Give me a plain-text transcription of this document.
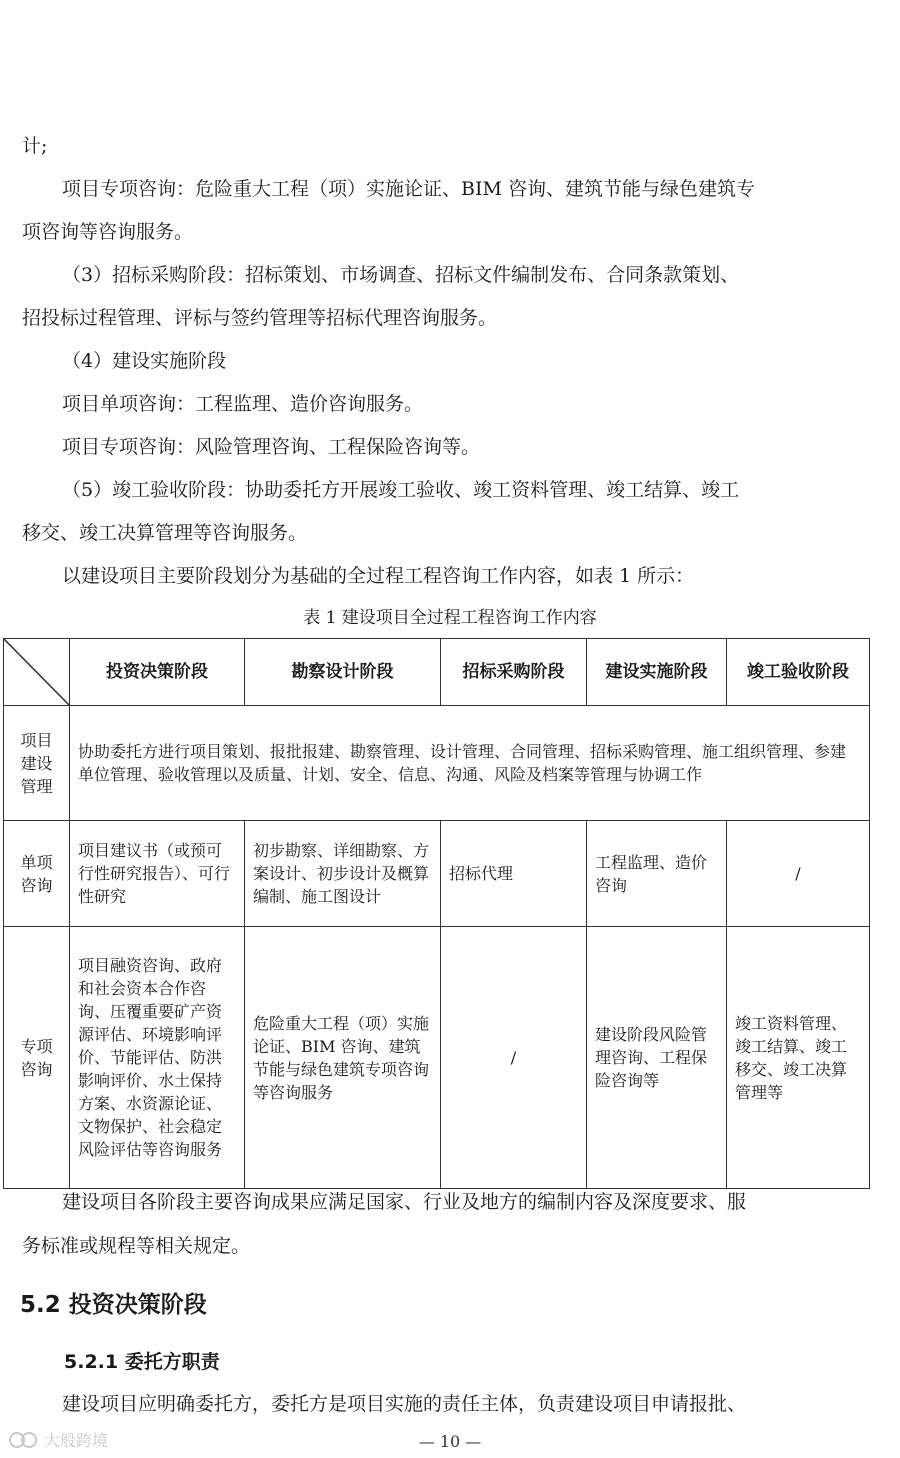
计;
项目专项咨询：危险重大工程（项）实施论证、BIM 咨询、建筑节能与绿色建筑专
项咨询等咨询服务。
（3）招标采购阶段：招标策划、市场调查、招标文件编制发布、合同条款策划、
招投标过程管理、评标与签约管理等招标代理咨询服务。
（4）建设实施阶段
项目单项咨询：工程监理、造价咨询服务。
项目专项咨询：风险管理咨询、工程保险咨询等。
（5）竣工验收阶段：协助委托方开展竣工验收、竣工资料管理、竣工结算、竣工
移交、竣工决算管理等咨询服务。
以建设项目主要阶段划分为基础的全过程工程咨询工作内容，如表 1 所示：
表 1 建设项目全过程工程咨询工作内容
	投资决策阶段	勘察设计阶段	招标采购阶段	建设实施阶段	竣工验收阶段
项目
建设
管理	协助委托方进行项目策划、报批报建、勘察管理、设计管理、合同管理、招标采购管理、施工组织管理、参建单位管理、验收管理以及质量、计划、安全、信息、沟通、风险及档案等管理与协调工作				
单项
咨询	项目建议书（或预可行性研究报告）、可行性研究	初步勘察、详细勘察、方案设计、初步设计及概算编制、施工图设计	招标代理	工程监理、造价咨询	/
专项
咨询	项目融资咨询、政府和社会资本合作咨询、压覆重要矿产资源评估、环境影响评价、节能评估、防洪影响评价、水土保持方案、水资源论证、文物保护、社会稳定风险评估等咨询服务	危险重大工程（项）实施论证、BIM 咨询、建筑节能与绿色建筑专项咨询等咨询服务	/	建设阶段风险管理咨询、工程保险咨询等	竣工资料管理、竣工结算、竣工移交、竣工决算管理等
建设项目各阶段主要咨询成果应满足国家、行业及地方的编制内容及深度要求、服
务标准或规程等相关规定。
5.2 投资决策阶段
5.2.1 委托方职责
建设项目应明确委托方，委托方是项目实施的责任主体，负责建设项目申请报批、
— 10 —
大般跨境
